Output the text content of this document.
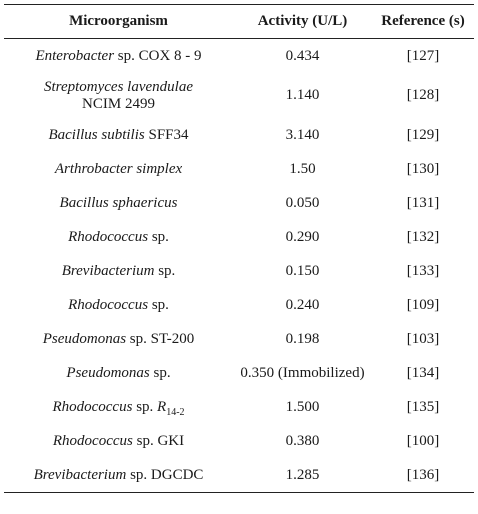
Microorganism	Activity (U/L)	Reference (s)
Enterobacter sp. COX 8 - 9	0.434	[127]
Streptomyces lavendulae
NCIM 2499	1.140	[128]
Bacillus subtilis SFF34	3.140	[129]
Arthrobacter simplex	1.50	[130]
Bacillus sphaericus	0.050	[131]
Rhodococcus sp.	0.290	[132]
Brevibacterium sp.	0.150	[133]
Rhodococcus sp.	0.240	[109]
Pseudomonas sp. ST-200	0.198	[103]
Pseudomonas sp.	0.350 (Immobilized)	[134]
Rhodococcus sp. $R_{14-2}$	1.500	[135]
Rhodococcus sp. GKI	0.380	[100]
Brevibacterium sp. DGCDC	1.285	[136]
